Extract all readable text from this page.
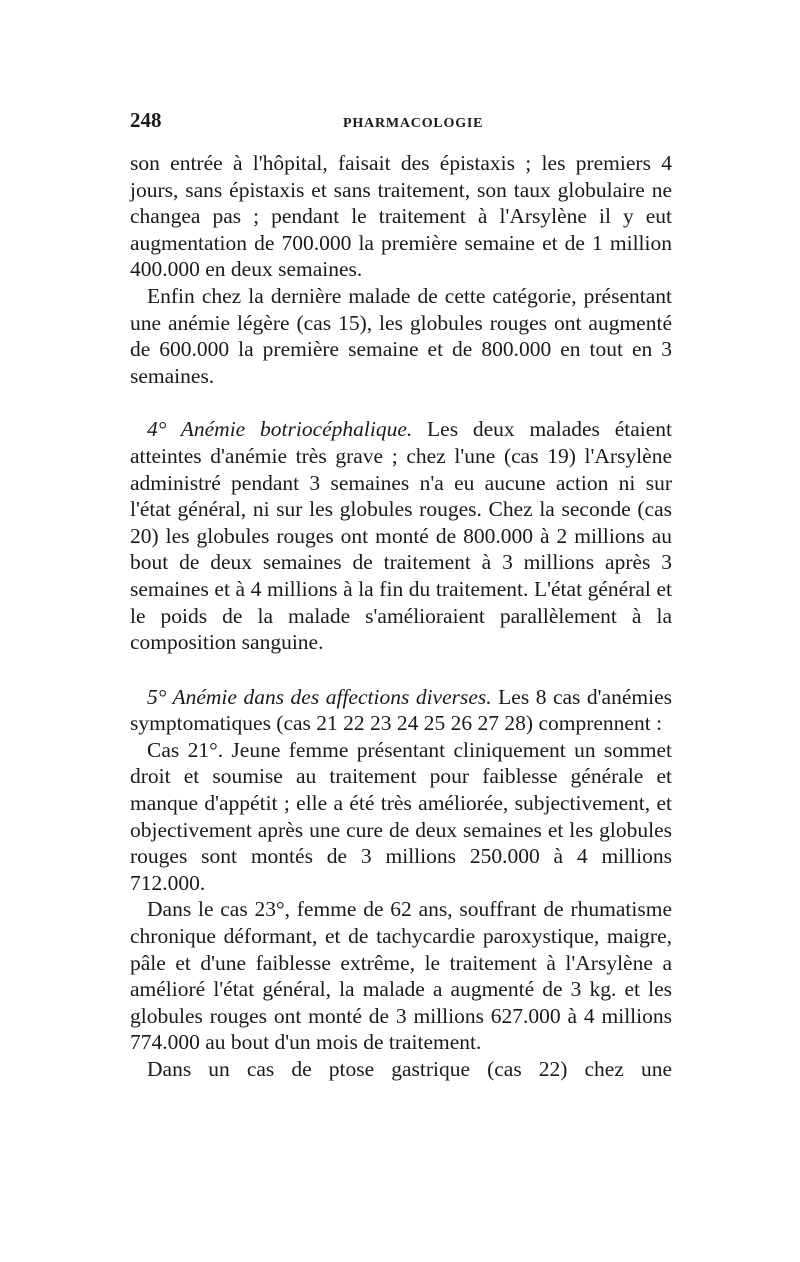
248	PHARMACOLOGIE

son entrée à l'hôpital, faisait des épistaxis ; les premiers 4 jours, sans épistaxis et sans traitement, son taux globulaire ne changea pas ; pendant le traitement à l'Arsylène il y eut augmentation de 700.000 la première semaine et de 1 million 400.000 en deux semaines.

Enfin chez la dernière malade de cette catégorie, présentant une anémie légère (cas 15), les globules rouges ont augmenté de 600.000 la première semaine et de 800.000 en tout en 3 semaines.

4° Anémie botriocéphalique. Les deux malades étaient atteintes d'anémie très grave ; chez l'une (cas 19) l'Arsylène administré pendant 3 semaines n'a eu aucune action ni sur l'état général, ni sur les globules rouges. Chez la seconde (cas 20) les globules rouges ont monté de 800.000 à 2 millions au bout de deux semaines de traitement à 3 millions après 3 semaines et à 4 millions à la fin du traitement. L'état général et le poids de la malade s'amélioraient parallèlement à la composition sanguine.

5° Anémie dans des affections diverses. Les 8 cas d'anémies symptomatiques (cas 21 22 23 24 25 26 27 28) comprennent :

Cas 21°. Jeune femme présentant cliniquement un sommet droit et soumise au traitement pour faiblesse générale et manque d'appétit ; elle a été très améliorée, subjectivement, et objectivement après une cure de deux semaines et les globules rouges sont montés de 3 millions 250.000 à 4 millions 712.000.

Dans le cas 23°, femme de 62 ans, souffrant de rhumatisme chronique déformant, et de tachycardie paroxystique, maigre, pâle et d'une faiblesse extrême, le traitement à l'Arsylène a amélioré l'état général, la malade a augmenté de 3 kg. et les globules rouges ont monté de 3 millions 627.000 à 4 millions 774.000 au bout d'un mois de traitement.

Dans un cas de ptose gastrique (cas 22) chez une
